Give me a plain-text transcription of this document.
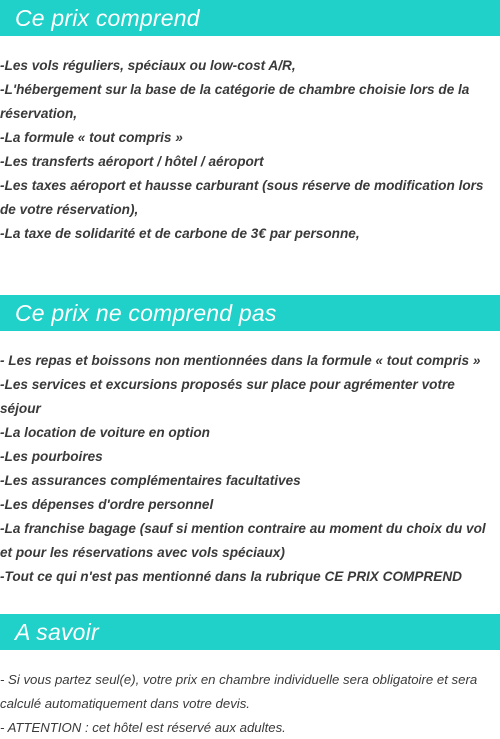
Ce prix comprend
-Les vols réguliers, spéciaux ou low-cost A/R,
-L'hébergement sur la base de la catégorie de chambre choisie lors de la réservation,
-La formule « tout compris »
-Les transferts aéroport / hôtel / aéroport
-Les taxes aéroport et hausse carburant (sous réserve de modification lors de votre réservation),
-La taxe de solidarité et de carbone de 3€ par personne,
Ce prix ne comprend pas
- Les repas et boissons non mentionnées dans la formule « tout compris »
-Les services et excursions proposés sur place pour agrémenter votre séjour
-La location de voiture en option
-Les pourboires
-Les assurances complémentaires facultatives
-Les dépenses d'ordre personnel
-La franchise bagage (sauf si mention contraire au moment du choix du vol et pour les réservations avec vols spéciaux)
-Tout ce qui n'est pas mentionné dans la rubrique CE PRIX COMPREND
A savoir
- Si vous partez seul(e), votre prix en chambre individuelle sera obligatoire et sera calculé automatiquement dans votre devis.
- ATTENTION : cet hôtel est réservé aux adultes.
